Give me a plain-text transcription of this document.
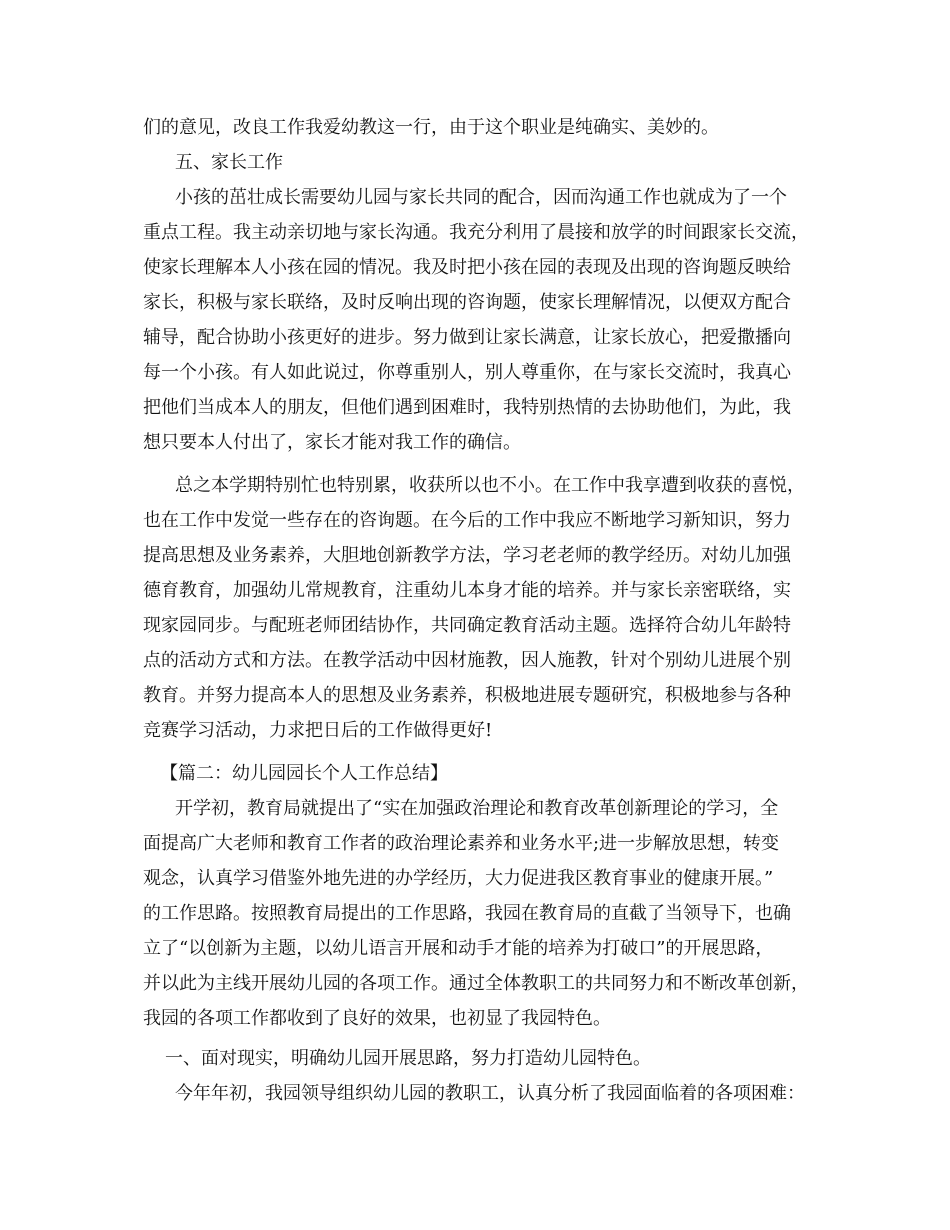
们的意见，改良工作我爱幼教这一行，由于这个职业是纯确实、美妙的。
五、家长工作
小孩的茁壮成长需要幼儿园与家长共同的配合，因而沟通工作也就成为了一个
重点工程。我主动亲切地与家长沟通。我充分利用了晨接和放学的时间跟家长交流，
使家长理解本人小孩在园的情况。我及时把小孩在园的表现及出现的咨询题反映给
家长，积极与家长联络，及时反响出现的咨询题，使家长理解情况，以便双方配合
辅导，配合协助小孩更好的进步。努力做到让家长满意，让家长放心，把爱撒播向
每一个小孩。有人如此说过，你尊重别人，别人尊重你，在与家长交流时，我真心
把他们当成本人的朋友，但他们遇到困难时，我特别热情的去协助他们，为此，我
想只要本人付出了，家长才能对我工作的确信。
总之本学期特别忙也特别累，收获所以也不小。在工作中我享遭到收获的喜悦，
也在工作中发觉一些存在的咨询题。在今后的工作中我应不断地学习新知识，努力
提高思想及业务素养，大胆地创新教学方法，学习老老师的教学经历。对幼儿加强
德育教育，加强幼儿常规教育，注重幼儿本身才能的培养。并与家长亲密联络，实
现家园同步。与配班老师团结协作，共同确定教育活动主题。选择符合幼儿年龄特
点的活动方式和方法。在教学活动中因材施教，因人施教，针对个别幼儿进展个别
教育。并努力提高本人的思想及业务素养，积极地进展专题研究，积极地参与各种
竞赛学习活动，力求把日后的工作做得更好!
【篇二：幼儿园园长个人工作总结】
开学初，教育局就提出了“实在加强政治理论和教育改革创新理论的学习，全
面提高广大老师和教育工作者的政治理论素养和业务水平;进一步解放思想，转变
观念，认真学习借鉴外地先进的办学经历，大力促进我区教育事业的健康开展。”
的工作思路。按照教育局提出的工作思路，我园在教育局的直截了当领导下，也确
立了“以创新为主题，以幼儿语言开展和动手才能的培养为打破口”的开展思路，
并以此为主线开展幼儿园的各项工作。通过全体教职工的共同努力和不断改革创新，
我园的各项工作都收到了良好的效果，也初显了我园特色。
一、面对现实，明确幼儿园开展思路，努力打造幼儿园特色。
今年年初，我园领导组织幼儿园的教职工，认真分析了我园面临着的各项困难：
